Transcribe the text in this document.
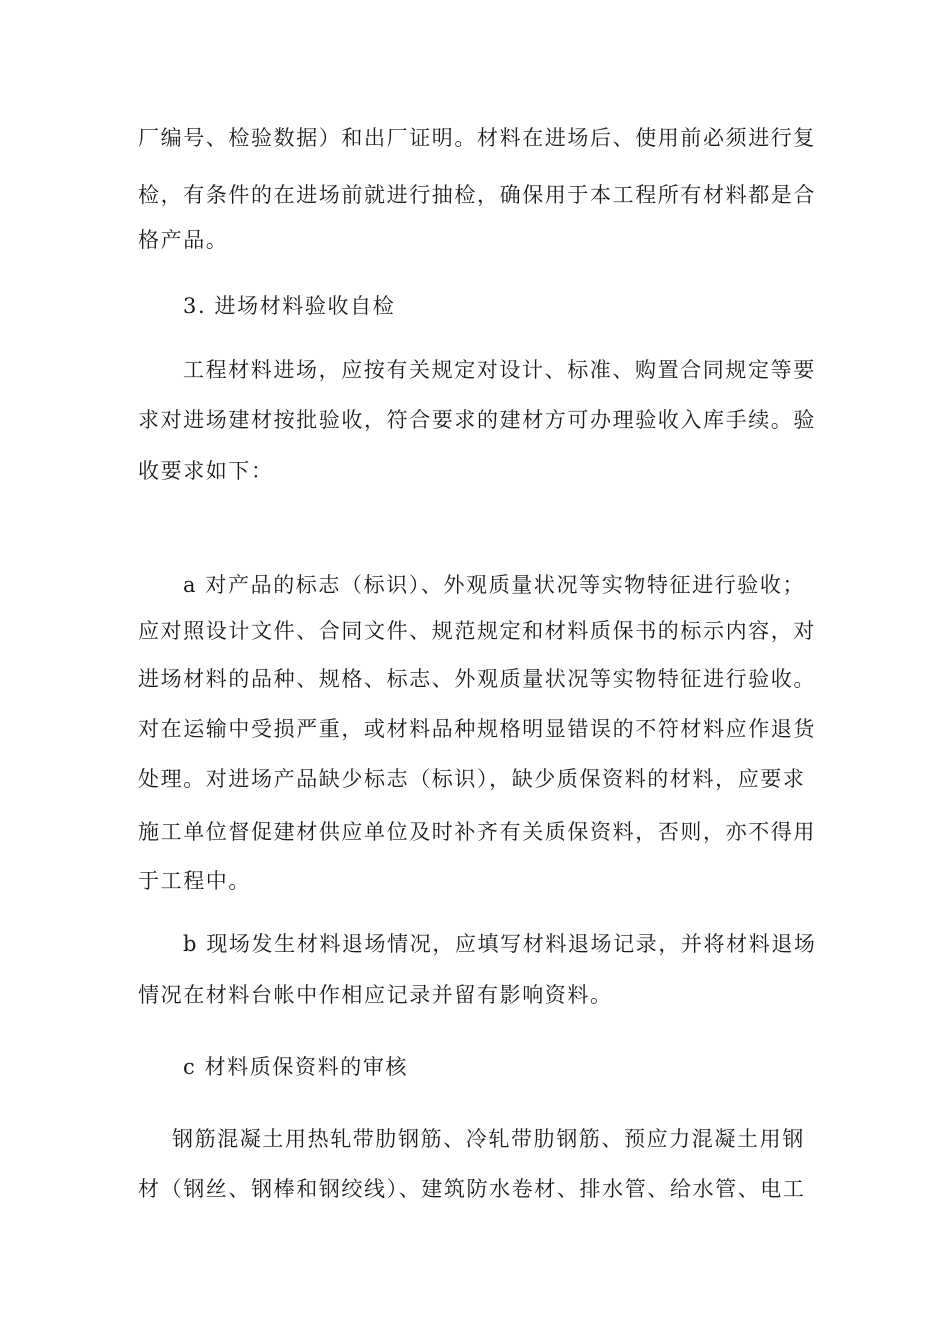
厂编号、检验数据）和出厂证明。材料在进场后、使用前必须进行复
检，有条件的在进场前就进行抽检，确保用于本工程所有材料都是合
格产品。
3. 进场材料验收自检
工程材料进场，应按有关规定对设计、标准、购置合同规定等要
求对进场建材按批验收，符合要求的建材方可办理验收入库手续。验
收要求如下：
a 对产品的标志（标识）、外观质量状况等实物特征进行验收；
应对照设计文件、合同文件、规范规定和材料质保书的标示内容，对
进场材料的品种、规格、标志、外观质量状况等实物特征进行验收。
对在运输中受损严重，或材料品种规格明显错误的不符材料应作退货
处理。对进场产品缺少标志（标识），缺少质保资料的材料，应要求
施工单位督促建材供应单位及时补齐有关质保资料，否则，亦不得用
于工程中。
b 现场发生材料退场情况，应填写材料退场记录，并将材料退场
情况在材料台帐中作相应记录并留有影响资料。
c 材料质保资料的审核
钢筋混凝土用热轧带肋钢筋、冷轧带肋钢筋、预应力混凝土用钢
材（钢丝、钢棒和钢绞线）、建筑防水卷材、排水管、给水管、电工
